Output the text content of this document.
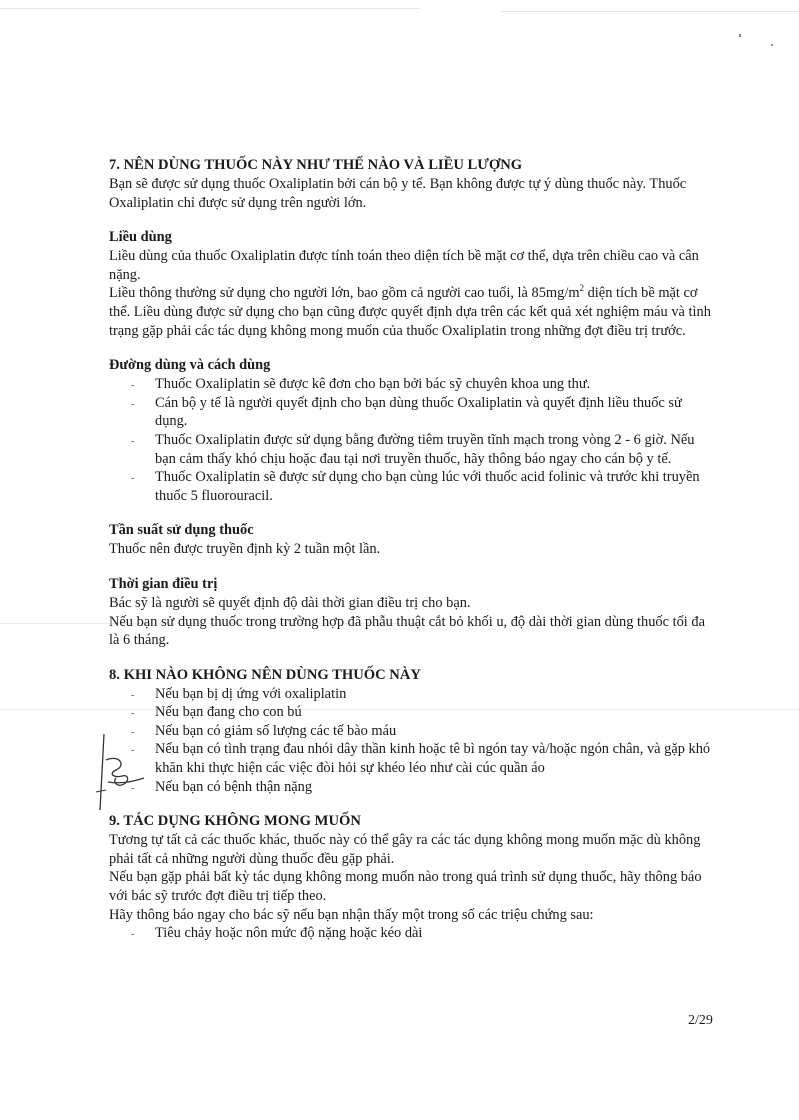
7. NÊN DÙNG THUỐC NÀY NHƯ THẾ NÀO VÀ LIỀU LƯỢNG

Bạn sẽ được sử dụng thuốc Oxaliplatin bởi cán bộ y tế. Bạn không được tự ý dùng thuốc này. Thuốc Oxaliplatin chỉ được sử dụng trên người lớn.

Liều dùng

Liều dùng của thuốc Oxaliplatin được tính toán theo diện tích bề mặt cơ thể, dựa trên chiều cao và cân nặng.

Liều thông thường sử dụng cho người lớn, bao gồm cả người cao tuổi, là $85mg/m^2$ diện tích bề mặt cơ thể. Liều dùng được sử dụng cho bạn cũng được quyết định dựa trên các kết quả xét nghiệm máu và tình trạng gặp phải các tác dụng không mong muốn của thuốc Oxaliplatin trong những đợt điều trị trước.

Đường dùng và cách dùng
- Thuốc Oxaliplatin sẽ được kê đơn cho bạn bởi bác sỹ chuyên khoa ung thư.
- Cán bộ y tế là người quyết định cho bạn dùng thuốc Oxaliplatin và quyết định liều thuốc sử dụng.
- Thuốc Oxaliplatin được sử dụng bằng đường tiêm truyền tĩnh mạch trong vòng 2 - 6 giờ. Nếu bạn cảm thấy khó chịu hoặc đau tại nơi truyền thuốc, hãy thông báo ngay cho cán bộ y tế.
- Thuốc Oxaliplatin sẽ được sử dụng cho bạn cùng lúc với thuốc acid folinic và trước khi truyền thuốc 5 fluorouracil.
Tần suất sử dụng thuốc

Thuốc nên được truyền định kỳ 2 tuần một lần.

Thời gian điều trị

Bác sỹ là người sẽ quyết định độ dài thời gian điều trị cho bạn.

Nếu bạn sử dụng thuốc trong trường hợp đã phẫu thuật cắt bỏ khối u, độ dài thời gian dùng thuốc tối đa là 6 tháng.

8. KHI NÀO KHÔNG NÊN DÙNG THUỐC NÀY
- Nếu bạn bị dị ứng với oxaliplatin
- Nếu bạn đang cho con bú
- Nếu bạn có giảm số lượng các tế bào máu
- Nếu bạn có tình trạng đau nhói dây thần kinh hoặc tê bì ngón tay và/hoặc ngón chân, và gặp khó khăn khi thực hiện các việc đòi hỏi sự khéo léo như cài cúc quần áo
- Nếu bạn có bệnh thận nặng
9. TÁC DỤNG KHÔNG MONG MUỐN

Tương tự tất cả các thuốc khác, thuốc này có thể gây ra các tác dụng không mong muốn mặc dù không phải tất cả những người dùng thuốc đều gặp phải.

Nếu bạn gặp phải bất kỳ tác dụng không mong muốn nào trong quá trình sử dụng thuốc, hãy thông báo với bác sỹ trước đợt điều trị tiếp theo.

Hãy thông báo ngay cho bác sỹ nếu bạn nhận thấy một trong số các triệu chứng sau:

- Tiêu chảy hoặc nôn mức độ nặng hoặc kéo dài
2/29
